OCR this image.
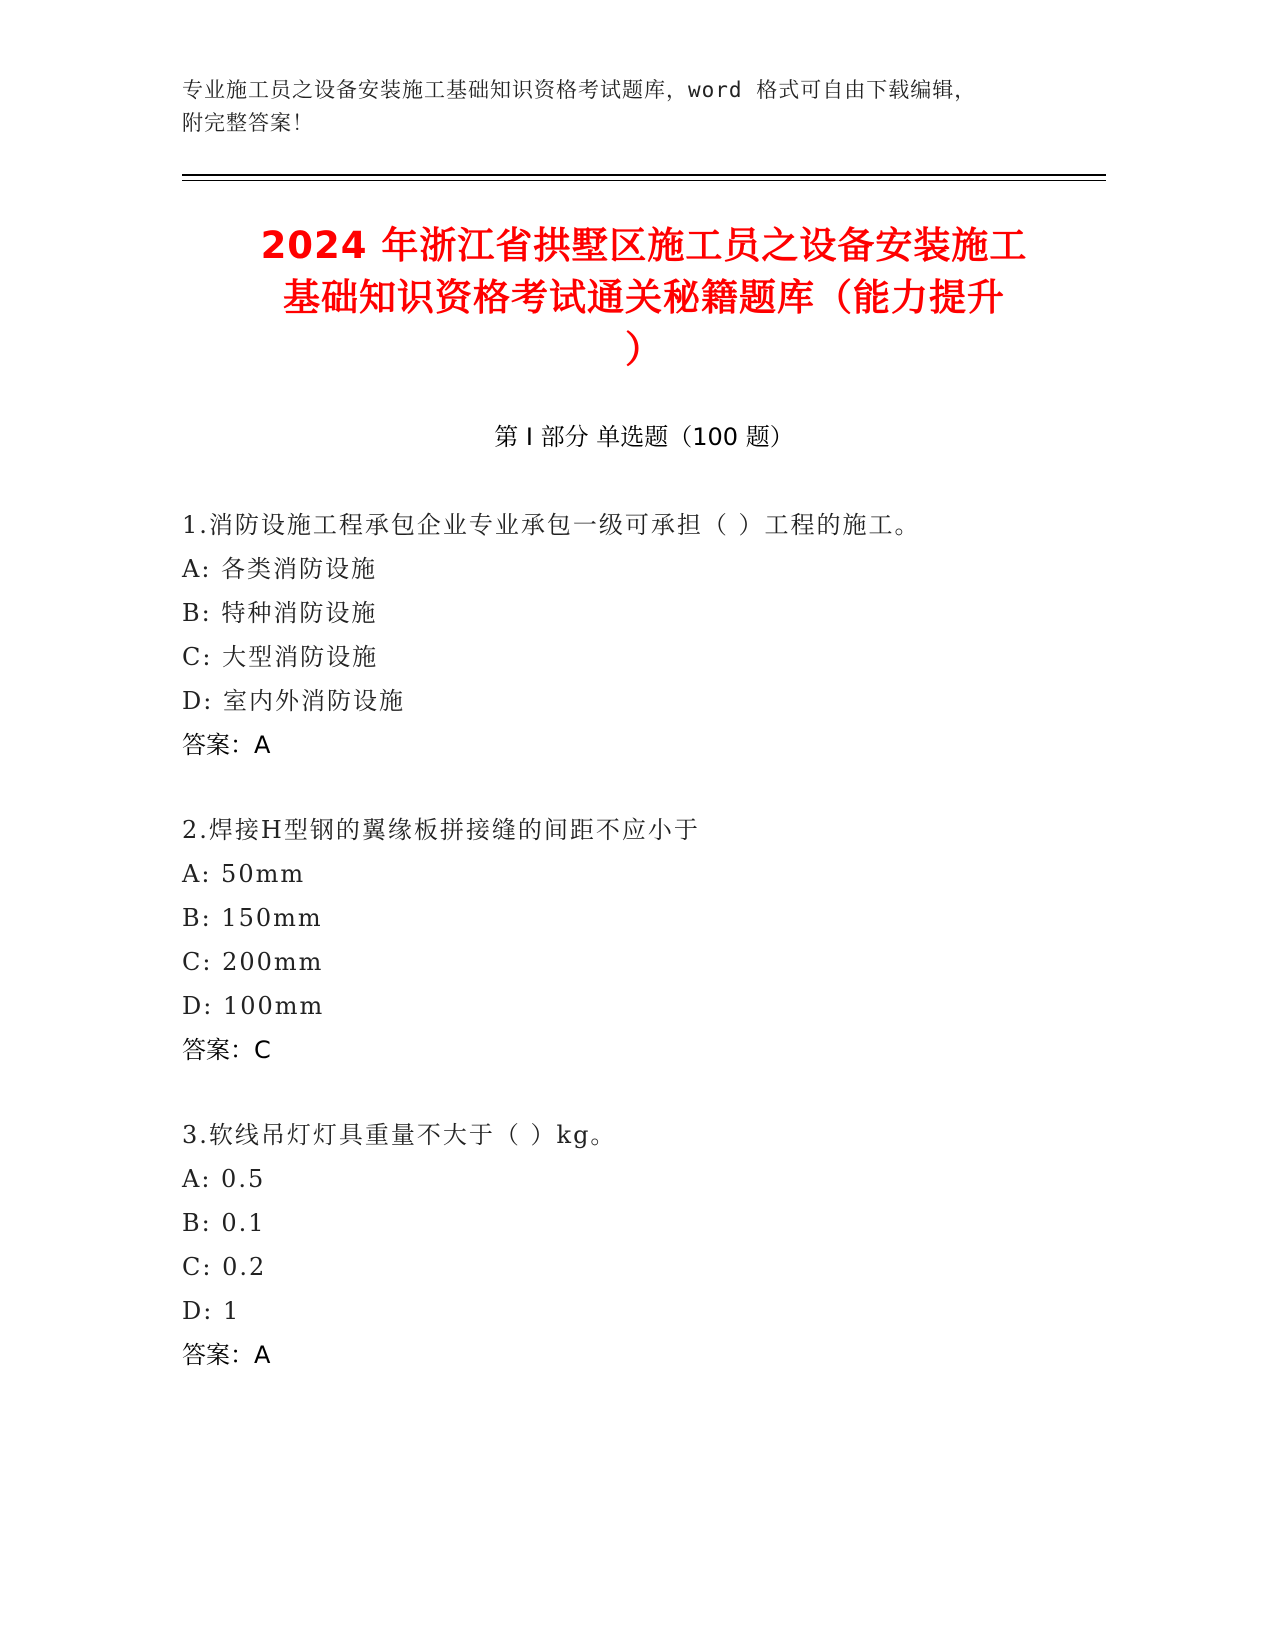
专业施工员之设备安装施工基础知识资格考试题库，word 格式可自由下载编辑，
附完整答案！
2024 年浙江省拱墅区施工员之设备安装施工
基础知识资格考试通关秘籍题库（能力提升
）
第 I 部分 单选题（100 题）
1.消防设施工程承包企业专业承包一级可承担（ ）工程的施工。
A: 各类消防设施
B: 特种消防设施
C: 大型消防设施
D: 室内外消防设施
答案：A
2.焊接H型钢的翼缘板拼接缝的间距不应小于
A: 50mm
B: 150mm
C: 200mm
D: 100mm
答案：C
3.软线吊灯灯具重量不大于（ ）kg。
A: 0.5
B: 0.1
C: 0.2
D: 1
答案：A
